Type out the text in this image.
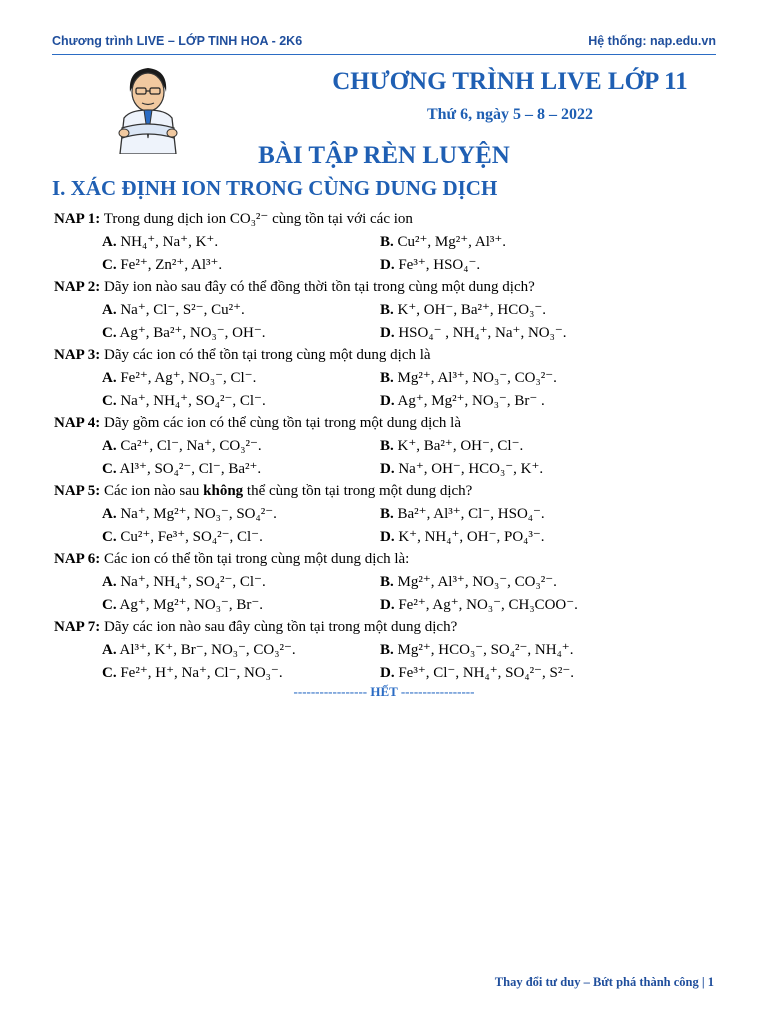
Chương trình LIVE – LỚP TINH HOA - 2K6	Hệ thống: nap.edu.vn
CHƯƠNG TRÌNH LIVE LỚP 11
Thứ 6, ngày 5 – 8 – 2022
BÀI TẬP RÈN LUYỆN
I. XÁC ĐỊNH ION TRONG CÙNG DUNG DỊCH
NAP 1: Trong dung dịch ion CO₃²⁻ cùng tồn tại với các ion
A. NH₄⁺, Na⁺, K⁺.	B. Cu²⁺, Mg²⁺, Al³⁺.
C. Fe²⁺, Zn²⁺, Al³⁺.	D. Fe³⁺, HSO₄⁻.
NAP 2: Dãy ion nào sau đây có thể đồng thời tồn tại trong cùng một dung dịch?
A. Na⁺, Cl⁻, S²⁻, Cu²⁺.	B. K⁺, OH⁻, Ba²⁺, HCO₃⁻.
C. Ag⁺, Ba²⁺, NO₃⁻, OH⁻.	D. HSO₄⁻ , NH₄⁺, Na⁺, NO₃⁻.
NAP 3: Dãy các ion có thể tồn tại trong cùng một dung dịch là
A. Fe²⁺, Ag⁺, NO₃⁻, Cl⁻.	B. Mg²⁺, Al³⁺, NO₃⁻, CO₃²⁻.
C. Na⁺, NH₄⁺, SO₄²⁻, Cl⁻.	D. Ag⁺, Mg²⁺, NO₃⁻, Br⁻ .
NAP 4: Dãy gồm các ion có thể cùng tồn tại trong một dung dịch là
A. Ca²⁺, Cl⁻, Na⁺, CO₃²⁻.	B. K⁺, Ba²⁺, OH⁻, Cl⁻.
C. Al³⁺, SO₄²⁻, Cl⁻, Ba²⁺.	D. Na⁺, OH⁻, HCO₃⁻, K⁺.
NAP 5: Các ion nào sau không thể cùng tồn tại trong một dung dịch?
A. Na⁺, Mg²⁺, NO₃⁻, SO₄²⁻.	B. Ba²⁺, Al³⁺, Cl⁻, HSO₄⁻.
C. Cu²⁺, Fe³⁺, SO₄²⁻, Cl⁻.	D. K⁺, NH₄⁺, OH⁻, PO₄³⁻.
NAP 6: Các ion có thể tồn tại trong cùng một dung dịch là:
A. Na⁺, NH₄⁺, SO₄²⁻, Cl⁻.	B. Mg²⁺, Al³⁺, NO₃⁻, CO₃²⁻.
C. Ag⁺, Mg²⁺, NO₃⁻, Br⁻.	D. Fe²⁺, Ag⁺, NO₃⁻, CH₃COO⁻.
NAP 7: Dãy các ion nào sau đây cùng tồn tại trong một dung dịch?
A. Al³⁺, K⁺, Br⁻, NO₃⁻, CO₃²⁻.	B. Mg²⁺, HCO₃⁻, SO₄²⁻, NH₄⁺.
C. Fe²⁺, H⁺, Na⁺, Cl⁻, NO₃⁻.	D. Fe³⁺, Cl⁻, NH₄⁺, SO₄²⁻, S²⁻.
----------------- HẾT -----------------
Thay đổi tư duy – Bứt phá thành công | 1
